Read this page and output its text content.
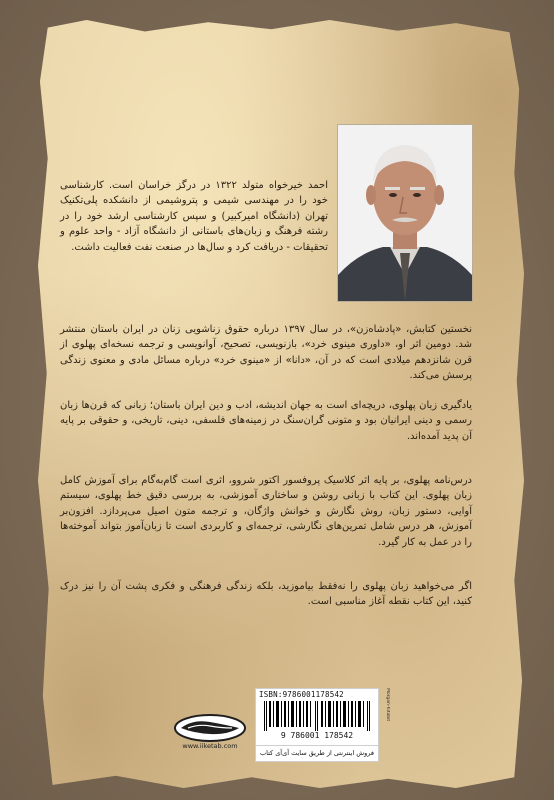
احمد خیرخواه متولد ۱۳۲۲ در درگز خراسان است. کارشناسی خود را در مهندسی شیمی و پتروشیمی از دانشکده پلی‌تکنیک تهران (دانشگاه امیرکبیر) و سپس کارشناسی ارشد خود را در رشته فرهنگ و زبان‌های باستانی از دانشگاه آزاد - واحد علوم و تحقیقات - دریافت کرد و سال‌ها در صنعت نفت فعالیت داشت.

نخستین کتابش، «پادشاه‌زن»، در سال ۱۳۹۷ درباره حقوق زناشویی زنان در ایران باستان منتشر شد. دومین اثر او، «داوری مینوی خرد»، بازنویسی، تصحیح، آوانویسی و ترجمه نسخه‌ای پهلوی از قرن شانزدهم میلادی است که در آن، «دانا» از «مینوی خرد» درباره مسائل مادی و معنوی زندگی پرسش می‌کند.

یادگیری زبان پهلوی، دریچه‌ای است به جهان اندیشه، ادب و دین ایران باستان؛ زبانی که قرن‌ها زبان رسمی و دینی ایرانیان بود و متونی گران‌سنگ در زمینه‌های فلسفی، دینی، تاریخی، و حقوقی بر پایه آن پدید آمده‌اند.

درس‌نامه پهلوی، بر پایه اثر کلاسیک پروفسور اکتور شروو، اثری است گام‌به‌گام برای آموزش کامل زبان پهلوی. این کتاب با زبانی روشن و ساختاری آموزشی، به بررسی دقیق خط پهلوی، سیستم آوایی، دستور زبان، روش نگارش و خوانش واژگان، و ترجمه متون اصیل می‌پردازد. افزون‌بر آموزش، هر درس شامل تمرین‌های نگارشی، ترجمه‌ای و کاربردی است تا زبان‌آموز بتواند آموخته‌ها را در عمل به کار گیرد.

اگر می‌خواهید زبان پهلوی را نه‌فقط بیاموزید، بلکه زندگی فرهنگی و فکری پشت آن را نیز درک کنید، این کتاب نقطه آغاز مناسبی است.

www.iiketab.com
ISBN:9786001178542
9 786001 178542
Morgan-Kitabit
فروش اینترنتی از طریق سایت آی‌آی کتاب
